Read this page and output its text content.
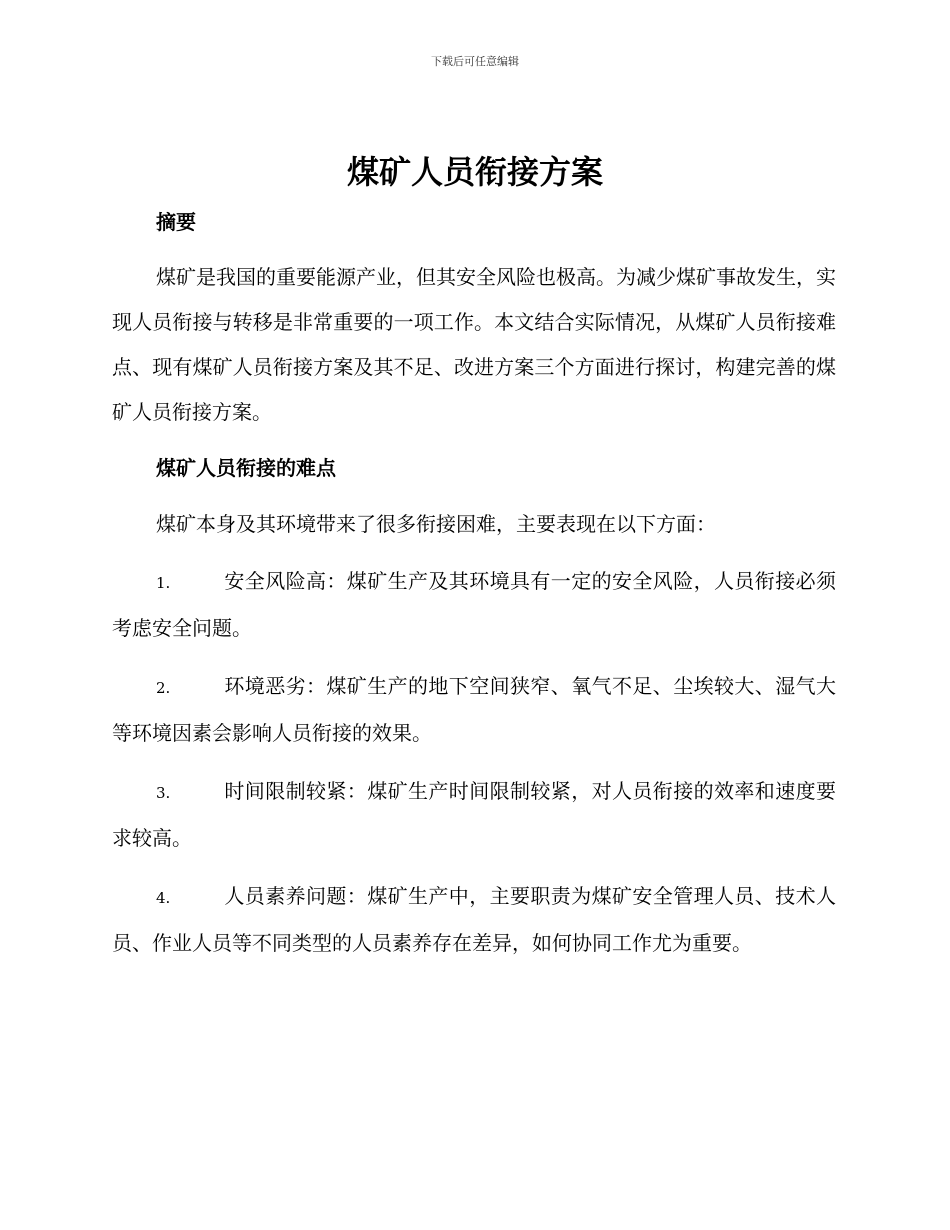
下载后可任意编辑
煤矿人员衔接方案
摘要

煤矿是我国的重要能源产业，但其安全风险也极高。为减少煤矿事故发生，实现人员衔接与转移是非常重要的一项工作。本文结合实际情况，从煤矿人员衔接难点、现有煤矿人员衔接方案及其不足、改进方案三个方面进行探讨，构建完善的煤矿人员衔接方案。

煤矿人员衔接的难点

煤矿本身及其环境带来了很多衔接困难，主要表现在以下方面：

1.	安全风险高：煤矿生产及其环境具有一定的安全风险，人员衔接必须考虑安全问题。
2.	环境恶劣：煤矿生产的地下空间狭窄、氧气不足、尘埃较大、湿气大等环境因素会影响人员衔接的效果。
3.	时间限制较紧：煤矿生产时间限制较紧，对人员衔接的效率和速度要求较高。
4.	人员素养问题：煤矿生产中，主要职责为煤矿安全管理人员、技术人员、作业人员等不同类型的人员素养存在差异，如何协同工作尤为重要。
